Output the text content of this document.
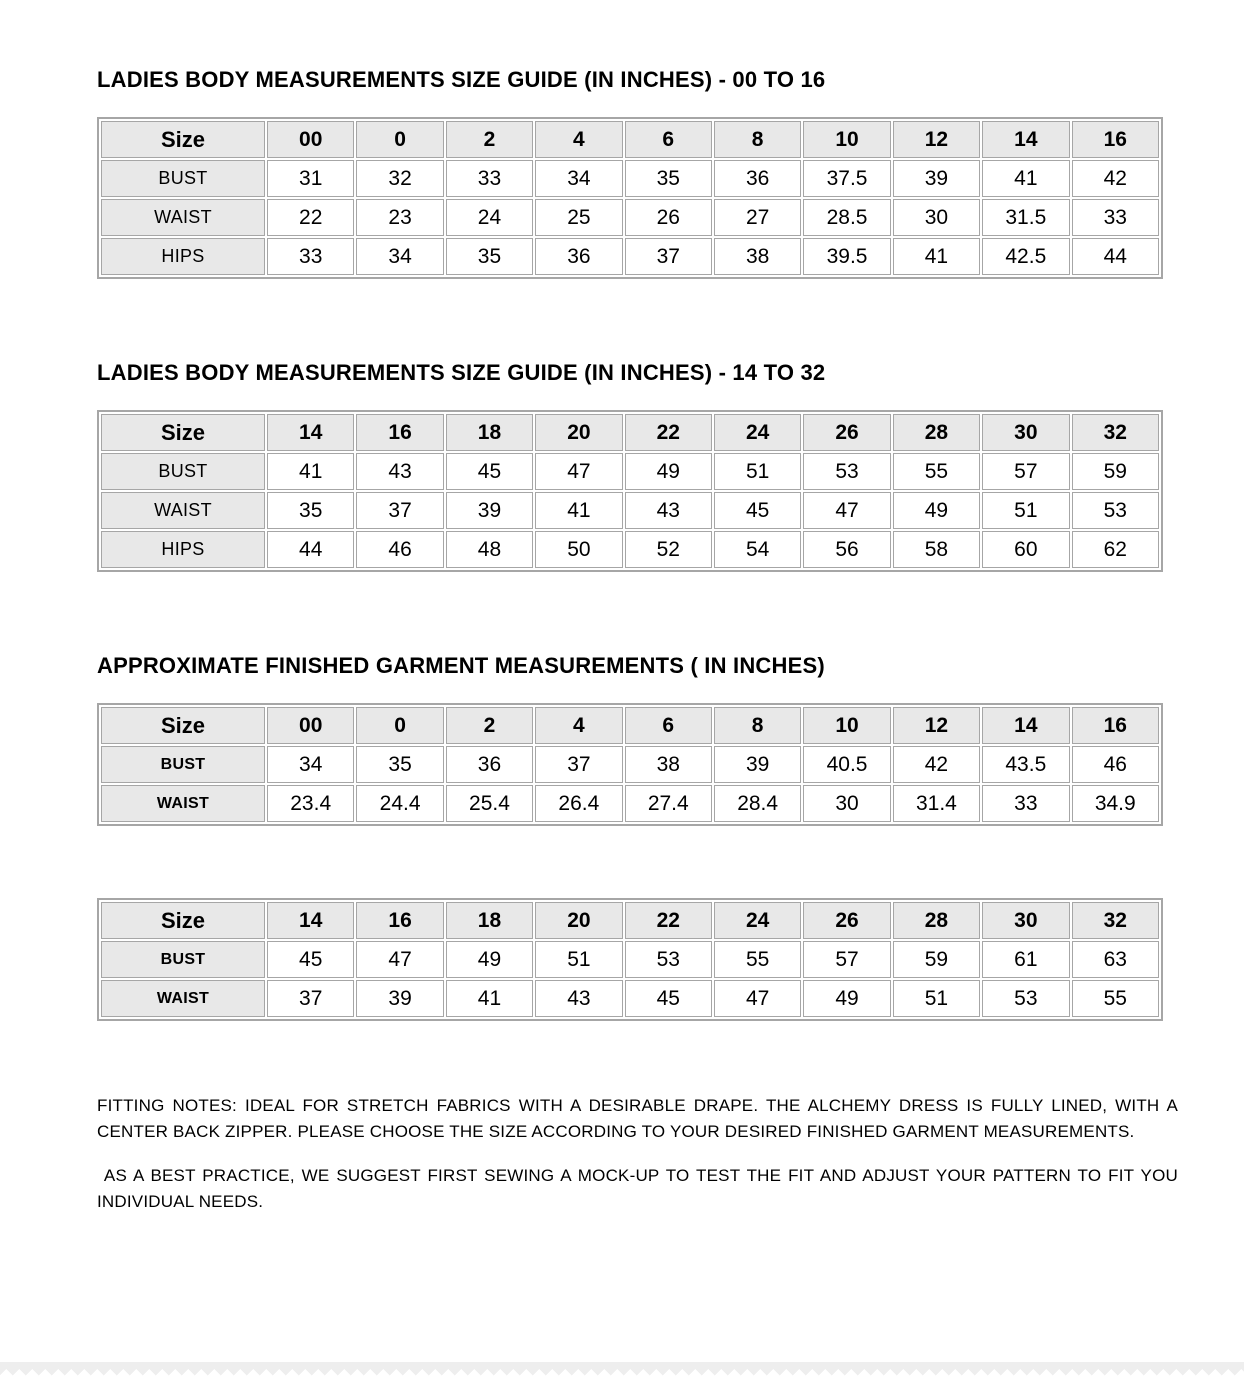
LADIES BODY MEASUREMENTS SIZE GUIDE (IN INCHES) - 00 TO 16
Size	00	0	2	4	6	8	10	12	14	16
BUST	31	32	33	34	35	36	37.5	39	41	42
WAIST	22	23	24	25	26	27	28.5	30	31.5	33
HIPS	33	34	35	36	37	38	39.5	41	42.5	44
LADIES BODY MEASUREMENTS SIZE GUIDE (IN INCHES) - 14 TO 32
Size	14	16	18	20	22	24	26	28	30	32
BUST	41	43	45	47	49	51	53	55	57	59
WAIST	35	37	39	41	43	45	47	49	51	53
HIPS	44	46	48	50	52	54	56	58	60	62
APPROXIMATE FINISHED GARMENT MEASUREMENTS ( IN INCHES)
Size	00	0	2	4	6	8	10	12	14	16
BUST	34	35	36	37	38	39	40.5	42	43.5	46
WAIST	23.4	24.4	25.4	26.4	27.4	28.4	30	31.4	33	34.9
Size	14	16	18	20	22	24	26	28	30	32
BUST	45	47	49	51	53	55	57	59	61	63
WAIST	37	39	41	43	45	47	49	51	53	55

FITTING NOTES: IDEAL FOR STRETCH FABRICS WITH A DESIRABLE DRAPE. THE ALCHEMY DRESS IS FULLY LINED, WITH A CENTER BACK ZIPPER. PLEASE CHOOSE THE SIZE ACCORDING TO YOUR DESIRED FINISHED GARMENT MEASUREMENTS.

AS A BEST PRACTICE, WE SUGGEST FIRST SEWING A MOCK-UP TO TEST THE FIT AND ADJUST YOUR PATTERN TO FIT YOU INDIVIDUAL NEEDS.
